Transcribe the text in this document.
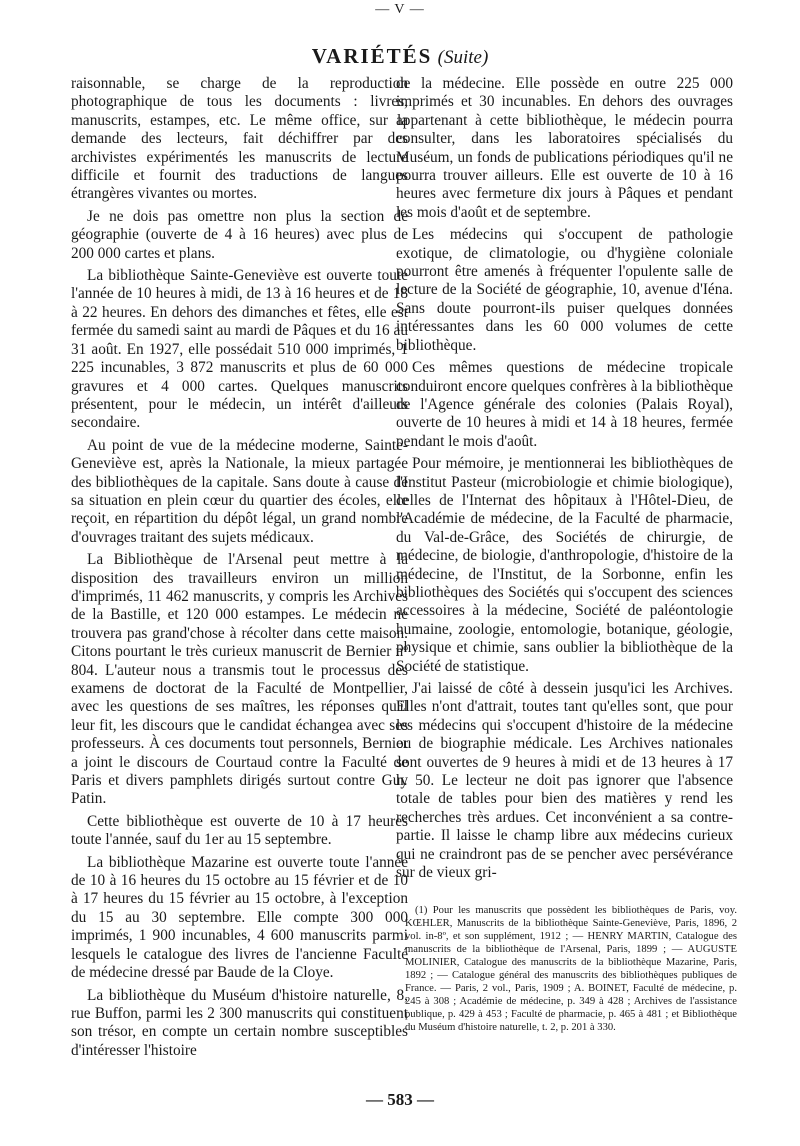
— V —
VARIÉTÉS (Suite)

raisonnable, se charge de la reproduction photographique de tous les documents : livres, manuscrits, estampes, etc. Le même office, sur la demande des lecteurs, fait déchiffrer par des archivistes expérimentés les manuscrits de lecture difficile et fournit des traductions de langues étrangères vivantes ou mortes.

Je ne dois pas omettre non plus la section de géographie (ouverte de 4 à 16 heures) avec plus de 200 000 cartes et plans.

La bibliothèque Sainte-Geneviève est ouverte toute l'année de 10 heures à midi, de 13 à 16 heures et de 18 à 22 heures. En dehors des dimanches et fêtes, elle est fermée du samedi saint au mardi de Pâques et du 16 au 31 août. En 1927, elle possédait 510 000 imprimés, 1 225 incunables, 3 872 manuscrits et plus de 60 000 gravures et 4 000 cartes. Quelques manuscrits présentent, pour le médecin, un intérêt d'ailleurs secondaire.

Au point de vue de la médecine moderne, Sainte-Geneviève est, après la Nationale, la mieux partagée des bibliothèques de la capitale. Sans doute à cause de sa situation en plein cœur du quartier des écoles, elle reçoit, en répartition du dépôt légal, un grand nombre d'ouvrages traitant des sujets médicaux.

La Bibliothèque de l'Arsenal peut mettre à la disposition des travailleurs environ un million d'imprimés, 11 462 manuscrits, y compris les Archives de la Bastille, et 120 000 estampes. Le médecin ne trouvera pas grand'chose à récolter dans cette maison. Citons pourtant le très curieux manuscrit de Bernier nº 804. L'auteur nous a transmis tout le processus des examens de doctorat de la Faculté de Montpellier, avec les questions de ses maîtres, les réponses qu'il leur fit, les discours que le candidat échangea avec ses professeurs. À ces documents tout personnels, Bernier a joint le discours de Courtaud contre la Faculté de Paris et divers pamphlets dirigés surtout contre Guy Patin.

Cette bibliothèque est ouverte de 10 à 17 heures toute l'année, sauf du 1er au 15 septembre.

La bibliothèque Mazarine est ouverte toute l'année de 10 à 16 heures du 15 octobre au 15 février et de 10 à 17 heures du 15 février au 15 octobre, à l'exception du 15 au 30 septembre. Elle compte 300 000 imprimés, 1 900 incunables, 4 600 manuscrits parmi lesquels le catalogue des livres de l'ancienne Faculté de médecine dressé par Baude de la Cloye.

La bibliothèque du Muséum d'histoire naturelle, 8, rue Buffon, parmi les 2 300 manuscrits qui constituent son trésor, en compte un certain nombre susceptibles d'intéresser l'histoire

de la médecine. Elle possède en outre 225 000 imprimés et 30 incunables. En dehors des ouvrages appartenant à cette bibliothèque, le médecin pourra consulter, dans les laboratoires spécialisés du Muséum, un fonds de publications périodiques qu'il ne pourra trouver ailleurs. Elle est ouverte de 10 à 16 heures avec fermeture dix jours à Pâques et pendant les mois d'août et de septembre.

Les médecins qui s'occupent de pathologie exotique, de climatologie, ou d'hygiène coloniale pourront être amenés à fréquenter l'opulente salle de lecture de la Société de géographie, 10, avenue d'Iéna. Sans doute pourront-ils puiser quelques données intéressantes dans les 60 000 volumes de cette bibliothèque.

Ces mêmes questions de médecine tropicale conduiront encore quelques confrères à la bibliothèque de l'Agence générale des colonies (Palais Royal), ouverte de 10 heures à midi et 14 à 18 heures, fermée pendant le mois d'août.

Pour mémoire, je mentionnerai les bibliothèques de l'Institut Pasteur (microbiologie et chimie biologique), celles de l'Internat des hôpitaux à l'Hôtel-Dieu, de l'Académie de médecine, de la Faculté de pharmacie, du Val-de-Grâce, des Sociétés de chirurgie, de médecine, de biologie, d'anthropologie, d'histoire de la médecine, de l'Institut, de la Sorbonne, enfin les bibliothèques des Sociétés qui s'occupent des sciences accessoires à la médecine, Société de paléontologie humaine, zoologie, entomologie, botanique, géologie, physique et chimie, sans oublier la bibliothèque de la Société de statistique.

J'ai laissé de côté à dessein jusqu'ici les Archives. Elles n'ont d'attrait, toutes tant qu'elles sont, que pour les médecins qui s'occupent d'histoire de la médecine ou de biographie médicale. Les Archives nationales sont ouvertes de 9 heures à midi et de 13 heures à 17 h. 50. Le lecteur ne doit pas ignorer que l'absence totale de tables pour bien des matières y rend les recherches très ardues. Cet inconvénient a sa contre-partie. Il laisse le champ libre aux médecins curieux qui ne craindront pas de se pencher avec persévérance sur de vieux gri-

(1) Pour les manuscrits que possèdent les bibliothèques de Paris, voy. KŒHLER, Manuscrits de la bibliothèque Sainte-Geneviève, Paris, 1896, 2 vol. in-8º, et son supplément, 1912 ; — HENRY MARTIN, Catalogue des manuscrits de la bibliothèque de l'Arsenal, Paris, 1899 ; — AUGUSTE MOLINIER, Catalogue des manuscrits de la bibliothèque Mazarine, Paris, 1892 ; — Catalogue général des manuscrits des bibliothèques publiques de France. — Paris, 2 vol., Paris, 1909 ; A. BOINET, Faculté de médecine, p. 245 à 308 ; Académie de médecine, p. 349 à 428 ; Archives de l'assistance publique, p. 429 à 453 ; Faculté de pharmacie, p. 465 à 481 ; et Bibliothèque du Muséum d'histoire naturelle, t. 2, p. 201 à 330.

— 583 —
